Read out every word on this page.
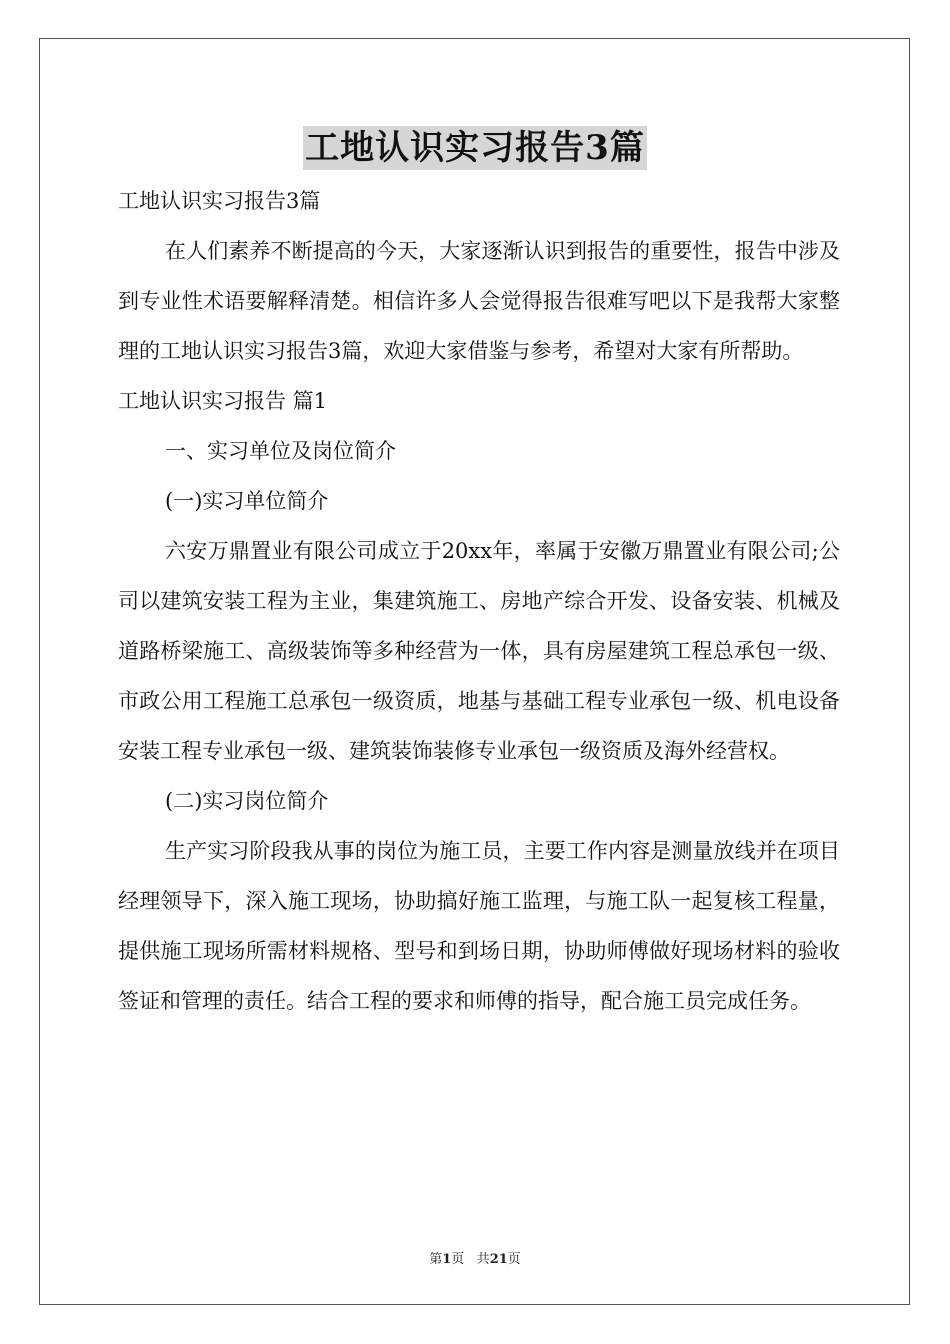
工地认识实习报告3篇

工地认识实习报告3篇

在人们素养不断提高的今天，大家逐渐认识到报告的重要性，报告中涉及到专业性术语要解释清楚。相信许多人会觉得报告很难写吧以下是我帮大家整理的工地认识实习报告3篇，欢迎大家借鉴与参考，希望对大家有所帮助。

工地认识实习报告 篇1

一、实习单位及岗位简介

(一)实习单位简介

六安万鼎置业有限公司成立于20xx年，率属于安徽万鼎置业有限公司;公司以建筑安装工程为主业，集建筑施工、房地产综合开发、设备安装、机械及道路桥梁施工、高级装饰等多种经营为一体，具有房屋建筑工程总承包一级、市政公用工程施工总承包一级资质，地基与基础工程专业承包一级、机电设备安装工程专业承包一级、建筑装饰装修专业承包一级资质及海外经营权。

(二)实习岗位简介

生产实习阶段我从事的岗位为施工员，主要工作内容是测量放线并在项目经理领导下，深入施工现场，协助搞好施工监理，与施工队一起复核工程量，提供施工现场所需材料规格、型号和到场日期，协助师傅做好现场材料的验收签证和管理的责任。结合工程的要求和师傅的指导，配合施工员完成任务。

第1页 共21页
